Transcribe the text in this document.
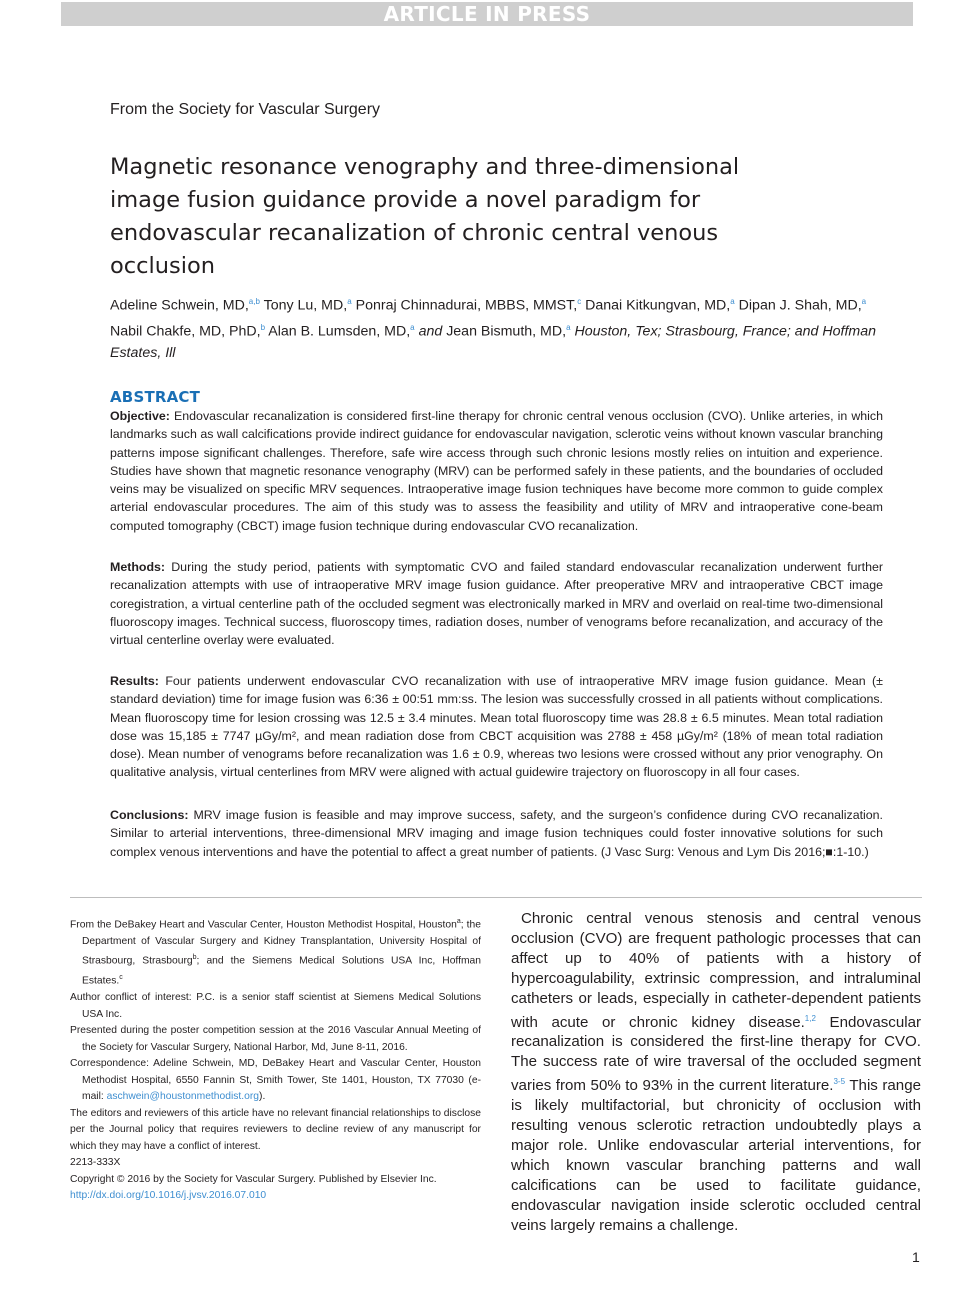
ARTICLE IN PRESS
From the Society for Vascular Surgery
Magnetic resonance venography and three-dimensional image fusion guidance provide a novel paradigm for endovascular recanalization of chronic central venous occlusion
Adeline Schwein, MD,$^{a,b}$ Tony Lu, MD,$^a$ Ponraj Chinnadurai, MBBS, MMST,$^c$ Danai Kitkungvan, MD,$^a$ Dipan J. Shah, MD,$^a$ Nabil Chakfe, MD, PhD,$^b$ Alan B. Lumsden, MD,$^a$ and Jean Bismuth, MD,$^a$ Houston, Tex; Strasbourg, France; and Hoffman Estates, Ill
ABSTRACT

Objective: Endovascular recanalization is considered first-line therapy for chronic central venous occlusion (CVO). Unlike arteries, in which landmarks such as wall calcifications provide indirect guidance for endovascular navigation, sclerotic veins without known vascular branching patterns impose significant challenges. Therefore, safe wire access through such chronic lesions mostly relies on intuition and experience. Studies have shown that magnetic resonance venography (MRV) can be performed safely in these patients, and the boundaries of occluded veins may be visualized on specific MRV sequences. Intraoperative image fusion techniques have become more common to guide complex arterial endovascular procedures. The aim of this study was to assess the feasibility and utility of MRV and intraoperative cone-beam computed tomography (CBCT) image fusion technique during endovascular CVO recanalization.

Methods: During the study period, patients with symptomatic CVO and failed standard endovascular recanalization underwent further recanalization attempts with use of intraoperative MRV image fusion guidance. After preoperative MRV and intraoperative CBCT image coregistration, a virtual centerline path of the occluded segment was electronically marked in MRV and overlaid on real-time two-dimensional fluoroscopy images. Technical success, fluoroscopy times, radiation doses, number of venograms before recanalization, and accuracy of the virtual centerline overlay were evaluated.

Results: Four patients underwent endovascular CVO recanalization with use of intraoperative MRV image fusion guidance. Mean (± standard deviation) time for image fusion was 6:36 ± 00:51 mm:ss. The lesion was successfully crossed in all patients without complications. Mean fluoroscopy time for lesion crossing was 12.5 ± 3.4 minutes. Mean total fluoroscopy time was 28.8 ± 6.5 minutes. Mean total radiation dose was 15,185 ± 7747 µGy/m², and mean radiation dose from CBCT acquisition was 2788 ± 458 µGy/m² (18% of mean total radiation dose). Mean number of venograms before recanalization was 1.6 ± 0.9, whereas two lesions were crossed without any prior venography. On qualitative analysis, virtual centerlines from MRV were aligned with actual guidewire trajectory on fluoroscopy in all four cases.

Conclusions: MRV image fusion is feasible and may improve success, safety, and the surgeon’s confidence during CVO recanalization. Similar to arterial interventions, three-dimensional MRV imaging and image fusion techniques could foster innovative solutions for such complex venous interventions and have the potential to affect a great number of patients. (J Vasc Surg: Venous and Lym Dis 2016;■:1-10.)

From the DeBakey Heart and Vascular Center, Houston Methodist Hospital, Houston$^a$; the Department of Vascular Surgery and Kidney Transplantation, University Hospital of Strasbourg, Strasbourg$^b$; and the Siemens Medical Solutions USA Inc, Hoffman Estates.$^c$

Author conflict of interest: P.C. is a senior staff scientist at Siemens Medical Solutions USA Inc.

Presented during the poster competition session at the 2016 Vascular Annual Meeting of the Society for Vascular Surgery, National Harbor, Md, June 8-11, 2016.

Correspondence: Adeline Schwein, MD, DeBakey Heart and Vascular Center, Houston Methodist Hospital, 6550 Fannin St, Smith Tower, Ste 1401, Houston, TX 77030 (e-mail: aschwein@houstonmethodist.org).

The editors and reviewers of this article have no relevant financial relationships to disclose per the Journal policy that requires reviewers to decline review of any manuscript for which they may have a conflict of interest.

2213-333X

Copyright © 2016 by the Society for Vascular Surgery. Published by Elsevier Inc.

http://dx.doi.org/10.1016/j.jvsv.2016.07.010

Chronic central venous stenosis and central venous occlusion (CVO) are frequent pathologic processes that can affect up to 40% of patients with a history of hypercoagulability, extrinsic compression, and intraluminal catheters or leads, especially in catheter-dependent patients with acute or chronic kidney disease.$^{1,2}$ Endovascular recanalization is considered the first-line therapy for CVO. The success rate of wire traversal of the occluded segment varies from 50% to 93% in the current literature.$^{3-5}$ This range is likely multifactorial, but chronicity of occlusion with resulting venous sclerotic retraction undoubtedly plays a major role. Unlike endovascular arterial interventions, for which known vascular branching patterns and wall calcifications can be used to facilitate guidance, endovascular navigation inside sclerotic occluded central veins largely remains a challenge.

1
